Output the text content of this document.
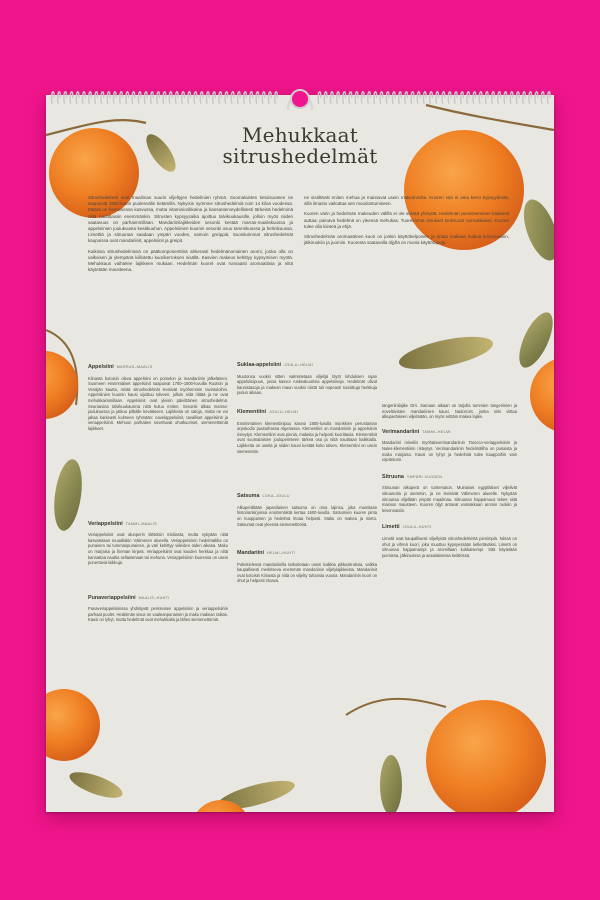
Mehukkaat
sitrushedelmät

Sitrushedelmät ovat maailman suurin viljeltyjen hedelmien ryhmä. Suomalaisten tietoisuuteen ne saapuivat 1900-luvun puolenvälin tietämillä. Nykyisin syömme sitrushedelmiä noin 14 kiloa vuodessa. Määrä on hienoisessa kasvussa, mutta vitaminiorikkaina ja kansanterveydellisesti tärkeinä hedelminä niitä nautittaisiin enemmänkin. Sitrusten kypsyysaika ajoittuu talvikuukausille, jolloin myös niiden saatavuus on parhaimmillaan. Mandariinilajikkeiden sesonki kestää marras-maaliskuussa ja appelsiinien joulukuusta kesäkuuhun. Appelsiinien kuumin sesonki osuu tammikuussa ja helmikuussa. Limettiä ja sitruunaa saadaan ympäri vuoden, samoin greippiä. Suosituimmat sitrushedelmät kaupoissa ovat mandariinit, appelsiinit ja greipit.

Kaikissa sitrushedelmissä on pääkomponenttinä ahkerasti hedelmänomainen aromi, jonka olla on valkoisen ja ylempänä kiillotettu kuorikerroksen sisällä. Kasvien makeus kehittyy kypsymisen myötä. Mehukkaus vaihtelee lajikkeen mukaan. Hedelmän kuoret ovat runsaasti aromaattisia ja niitä käytetään mausteena.

ne sisältävät eniten mehua ja maistuvat usein makeimmilta. Kuoren väri ei aina kerro kypsyydestä, sillä ilmasto vaikuttaa sen muodostumiseen.

Kuoren värin ja hedelmän makeuden välillä ei ole selvää yhteyttä. Hedelmän punnitseminen kädessä auttaa: painava hedelmä on yleensä mehukas. Tuoreimmat sitrukset tuoksuvat voimakkaasti. Kuoren tulee olla kiinteä ja ehjä.

Sitrushedelmän aromaattinen kuori on jonkin käyttökelpoinen ja antaa makeaa makua leivonnaisiin, jälkiruokiin ja juomiin. Kuoresta saatavalla öljyllä on monia käyttötapoja.

Appelsiini MARRAS–MAALIS

Kiinasta kotoisin oleva appelsiini on pomelon ja mandariinin jälkeläinen. Suomeen ensimmäiset appelsiinit saapuivat 1700–1800-luvuilla Ruotsin ja Venäjän kautta, mistä sitrushedelmät levisivät myöhemmin ravintoloihin. Appelsiinien kuumin kausi sijoittuu talveen, jolloin niitä riittää ja ne ovat mehukkaimmillaan. Appelsiinit ovat yleisin päivittäinen sitrushedelmä. Seuraavina talvikuukausina niitä kuluu eniten. Sesonki alkaa marras-joulukuussa ja jatkuu pitkälle kevääseen. Lajikkeita on satoja, mutta ne voi jakaa karkeasti kolmeen ryhmään: navelappelsiinit, tavalliset appelsiinit ja veriappelsiinit. Mehuun parhaiten soveltuvat ohutkuoriset, siemenettömät lajikkeet.

Veriappelsiini TAMMI–MAALIS

Veriappelsiinit ovat alunperin lähtöisin Sisiliasta, mutta nykyään niitä kasvatetaan muuallakin Välimeren alueella. Veriappelsiinin hedelmäliha on punainen tai tummanpunainen, ja väri kehittyy viileiden öiden aikana. Maku on marjaisa ja hieman kirpeä. Veriappelsiinit ovat kauden herkkua ja niitä kannattaa nauttia sellaisenaan tai mehuna. Veriappelsiinin kuoressa on usein punertavia laikkuja.

Punaveriappelsiini MAALIS–HUHTI

Punaveriappelsiinissa yhdistyvät perinteisen appelsiinin ja veriappelsiinin parhaat puolet. Hedelmän sisus on vaaleanpunainen ja maku makean raikas. Kausi on lyhyt, mutta hedelmät ovat mehukkaita ja lähes siemenettömiä.

Suklaa-appelsiini JOULU–HELMI

Muotonsa vuoksi sitten valmistetaan viljelijä löytö lohduksen rajan appelsiinipuun, jossa kasvoi ruskeakuorisia appelsiineja. Hedelmät olivat kaunistasoja ja makean maun vuoksi niistä tuli nopeasti suosittuja herkkuja joulun aikaan.

Klementiini JOULU–HELMI

Ensimmäinen klementiinipuu kasvoi 1800-luvulla munkkien perustaman orpokodin puutarhassa Algeriassa. Klementiini on mandariinin ja appelsiinin risteytys. Klementiinit ovat pieniä, makeita ja helposti kuorittavia. Klementiinit ovat suomalaisten jouluperinteen tärkeä osa ja niitä nautitaan kaikkialla. Lajikkeita on useita ja niiden kausi kestää koko talven. Klementiini on usein siemenetön.

Satsuma LOKA–JOULU

Alkuperältään japanilainen satsuma on oma lajinsa, joka mainitaan historiankirjoissa ensimmäistä kertaa 1600-luvulla. Satsumien kuoren pinta on kuoppainen ja hedelmä irtoaa helposti. Maku on makea ja mieto. Satsumat ovat yleensä siemenettömiä.

Mandariini HELMI–HUHTI

Puhekielessä mandariinilla tarkoitetaan usein kaikkia pikkusitruksia, vaikka kaupallisesti merkitseva enemmän mandariinin viljelylajikkeista. Mandariinit ovat kotoisin Kiinasta ja niitä on viljelty tuhansia vuosia. Mandariinin kuori on ohut ja helposti irtoava.

tangeriinilajike Orri. Samaan aikaan on tarjolla tummien tangeriinien ja noveltiivisten mandariinien kausi. Nadorcott, jonka nimi viittaa alkuperäiseen viljelmään, on myös erittäin makea lajike.

Verimandariini TAMMI–HELMI

Mandariini mineliis myöhäisverimandariinin Tarocco-veriappelsiinin ja Nules-klementiinin risteytys. Verimandariinin hedelmäliha on punaista ja maku marjaisa. Kausi on lyhyt ja hedelmiä tulee kauppoihin vain rajoitetusti.

Sitruuna YMPÄRI VUODEN

Sitruunan alkuperä on tuntematon. Muinaiset egyptiläiset viljelivät sitruunoita jo aiemmin, ja ne levisivät Välimeren alueelle. Nykyään sitruunaa viljellään ympäri maailmaa. Sitruunan happamuus tekee siitä mainion mausteen. Kuoren öljyt antavat voimakkaan aromin ruokiin ja leivonnaisiin.

Limetti JOULU–HUHTI

Limetit ovat kaupallisesti viljellyistä sitrushedelmistä pienimpiä. Niissä on ohut ja vihreä kuori, joka muuttuu kypsyessään kellertäväksi. Limetti on sitruunaa happamampi ja aromiltaan kukkaisempi. Sitä käytetään juomissa, jälkiruoissa ja aasialaisessa keittiössä.
